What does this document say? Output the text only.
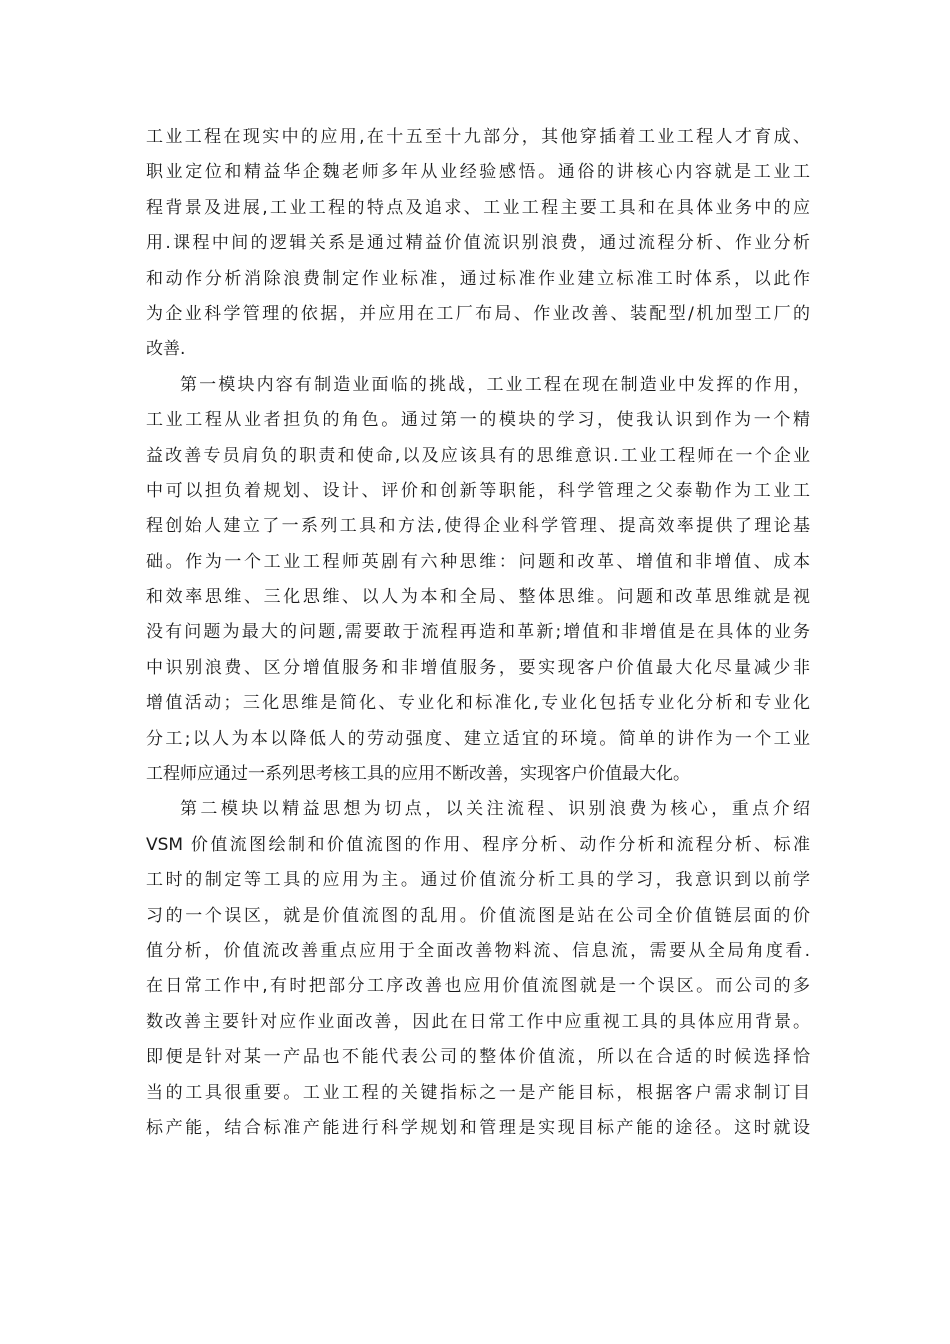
工业工程在现实中的应用,在十五至十九部分，其他穿插着工业工程人才育成、
职业定位和精益华企魏老师多年从业经验感悟。通俗的讲核心内容就是工业工
程背景及进展,工业工程的特点及追求、工业工程主要工具和在具体业务中的应
用.课程中间的逻辑关系是通过精益价值流识别浪费，通过流程分析、作业分析
和动作分析消除浪费制定作业标准，通过标准作业建立标准工时体系，以此作
为企业科学管理的依据，并应用在工厂布局、作业改善、装配型/机加型工厂的
改善.
第一模块内容有制造业面临的挑战，工业工程在现在制造业中发挥的作用，
工业工程从业者担负的角色。通过第一的模块的学习，使我认识到作为一个精
益改善专员肩负的职责和使命,以及应该具有的思维意识.工业工程师在一个企业
中可以担负着规划、设计、评价和创新等职能，科学管理之父泰勒作为工业工
程创始人建立了一系列工具和方法,使得企业科学管理、提高效率提供了理论基
础。作为一个工业工程师英剧有六种思维：问题和改革、增值和非增值、成本
和效率思维、三化思维、以人为本和全局、整体思维。问题和改革思维就是视
没有问题为最大的问题,需要敢于流程再造和革新;增值和非增值是在具体的业务
中识别浪费、区分增值服务和非增值服务，要实现客户价值最大化尽量减少非
增值活动；三化思维是简化、专业化和标准化,专业化包括专业化分析和专业化
分工;以人为本以降低人的劳动强度、建立适宜的环境。简单的讲作为一个工业
工程师应通过一系列思考核工具的应用不断改善，实现客户价值最大化。
第二模块以精益思想为切点，以关注流程、识别浪费为核心，重点介绍
VSM 价值流图绘制和价值流图的作用、程序分析、动作分析和流程分析、标准
工时的制定等工具的应用为主。通过价值流分析工具的学习，我意识到以前学
习的一个误区，就是价值流图的乱用。价值流图是站在公司全价值链层面的价
值分析，价值流改善重点应用于全面改善物料流、信息流，需要从全局角度看.
在日常工作中,有时把部分工序改善也应用价值流图就是一个误区。而公司的多
数改善主要针对应作业面改善，因此在日常工作中应重视工具的具体应用背景。
即便是针对某一产品也不能代表公司的整体价值流，所以在合适的时候选择恰
当的工具很重要。工业工程的关键指标之一是产能目标，根据客户需求制订目
标产能，结合标准产能进行科学规划和管理是实现目标产能的途径。这时就设
